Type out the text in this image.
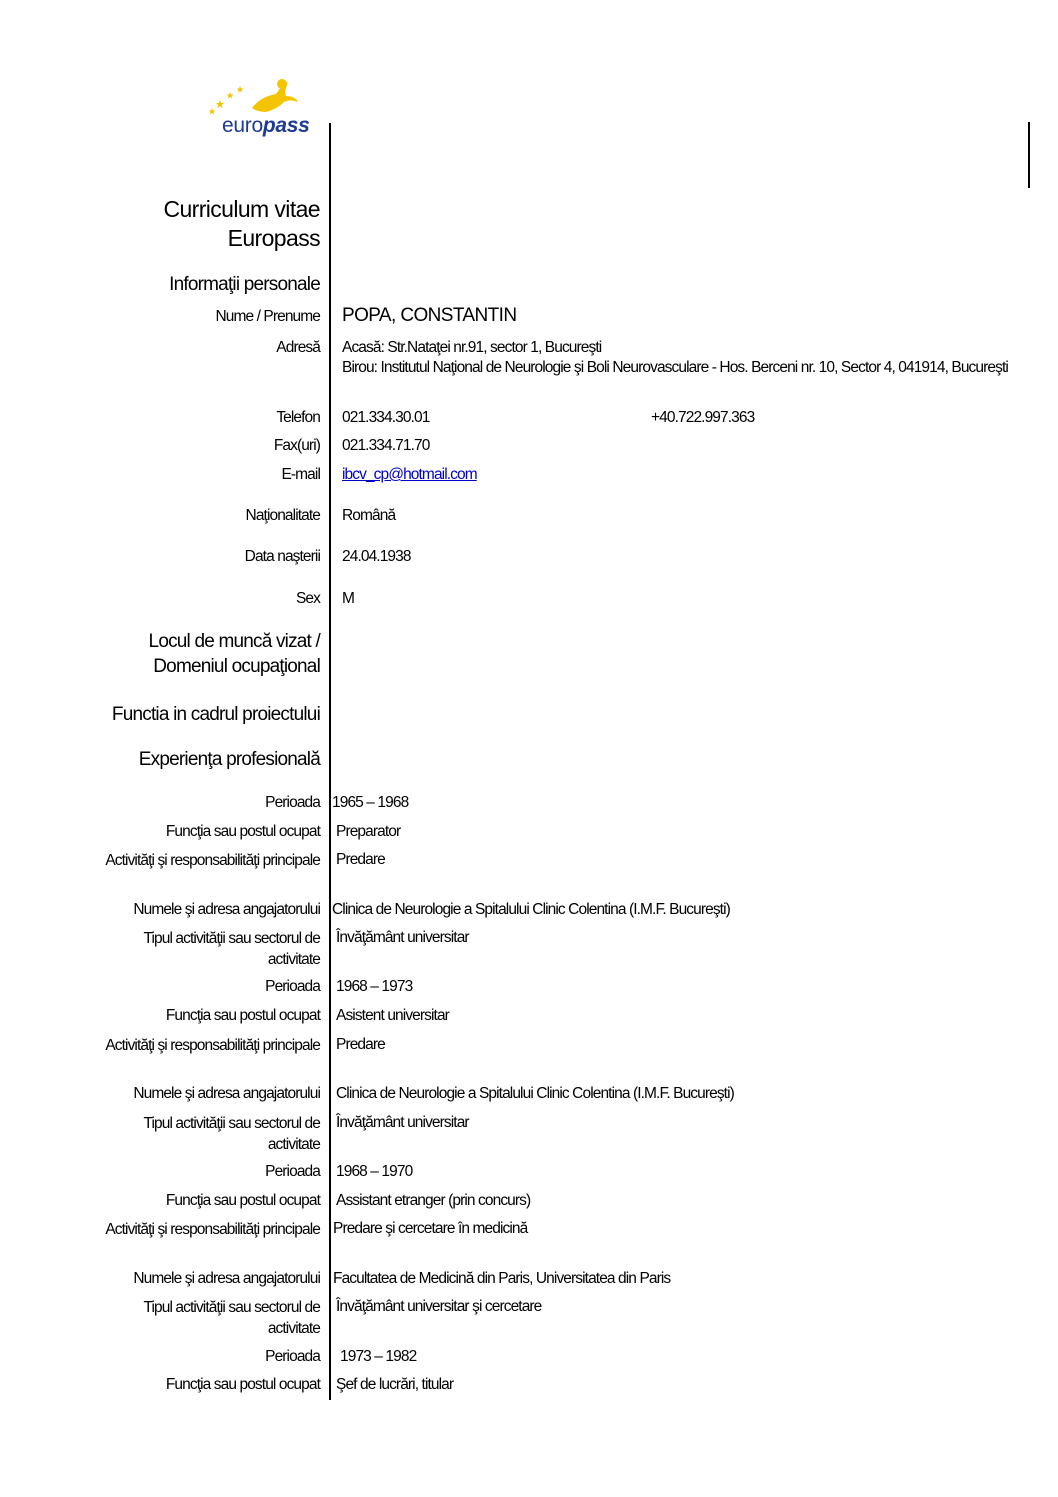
europass
Curriculum vitae
Europass
Informaţii personale
Nume / Prenume POPA, CONSTANTIN
Adresă Acasă: Str.Nataţei nr.91, sector 1, Bucureşti
Birou: Institutul Naţional de Neurologie şi Boli Neurovasculare - Hos. Berceni nr. 10, Sector 4, 041914, Bucureşti
Telefon 021.334.30.01	+40.722.997.363
Fax(uri) 021.334.71.70
E-mail ibcv_cp@hotmail.com
Naţionalitate Română
Data naşterii 24.04.1938
Sex M
Locul de muncă vizat /
Domeniul ocupaţional
Functia in cadrul proiectului
Experienţa profesională
Perioada 1965 – 1968
Funcţia sau postul ocupat Preparator
Activităţi şi responsabilităţi principale Predare
Numele şi adresa angajatorului Clinica de Neurologie a Spitalului Clinic Colentina (I.M.F. Bucureşti)
Tipul activităţii sau sectorul de activitate
Învăţământ universitar
Perioada 1968 – 1973
Funcţia sau postul ocupat Asistent universitar
Activităţi şi responsabilităţi principale Predare
Numele şi adresa angajatorului Clinica de Neurologie a Spitalului Clinic Colentina (I.M.F. Bucureşti)
Tipul activităţii sau sectorul de activitate
Învăţământ universitar
Perioada 1968 – 1970
Funcţia sau postul ocupat Assistant etranger (prin concurs)
Activităţi şi responsabilităţi principale Predare şi cercetare în medicină
Numele şi adresa angajatorului Facultatea de Medicină din Paris, Universitatea din Paris
Tipul activităţii sau sectorul de activitate
Învăţământ universitar şi cercetare
Perioada 1973 – 1982
Funcţia sau postul ocupat Şef de lucrări, titular
